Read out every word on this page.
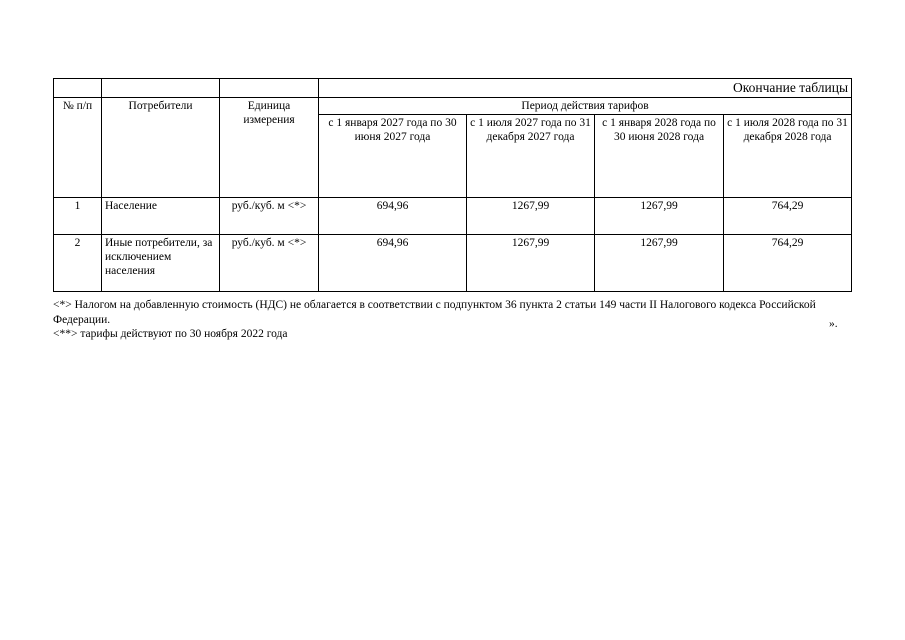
			Окончание таблицы			
№ п/п	Потребители	Единица измерения	Период действия тарифов			
			с 1 января 2027 года по 30 июня 2027 года	с 1 июля 2027 года по 31 декабря 2027 года	с 1 января 2028 года по 30 июня 2028 года	с 1 июля 2028 года по 31 декабря 2028 года
1	Население	руб./куб. м <*>	694,96	1267,99	1267,99	764,29
2	Иные потребители, за исключением населения	руб./куб. м <*>	694,96	1267,99	1267,99	764,29

<*> Налогом на добавленную стоимость (НДС) не облагается в соответствии с подпунктом 36 пункта 2 статьи 149 части II Налогового кодекса Российской Федерации.

<**> тарифы действуют по 30 ноября 2022 года

».
